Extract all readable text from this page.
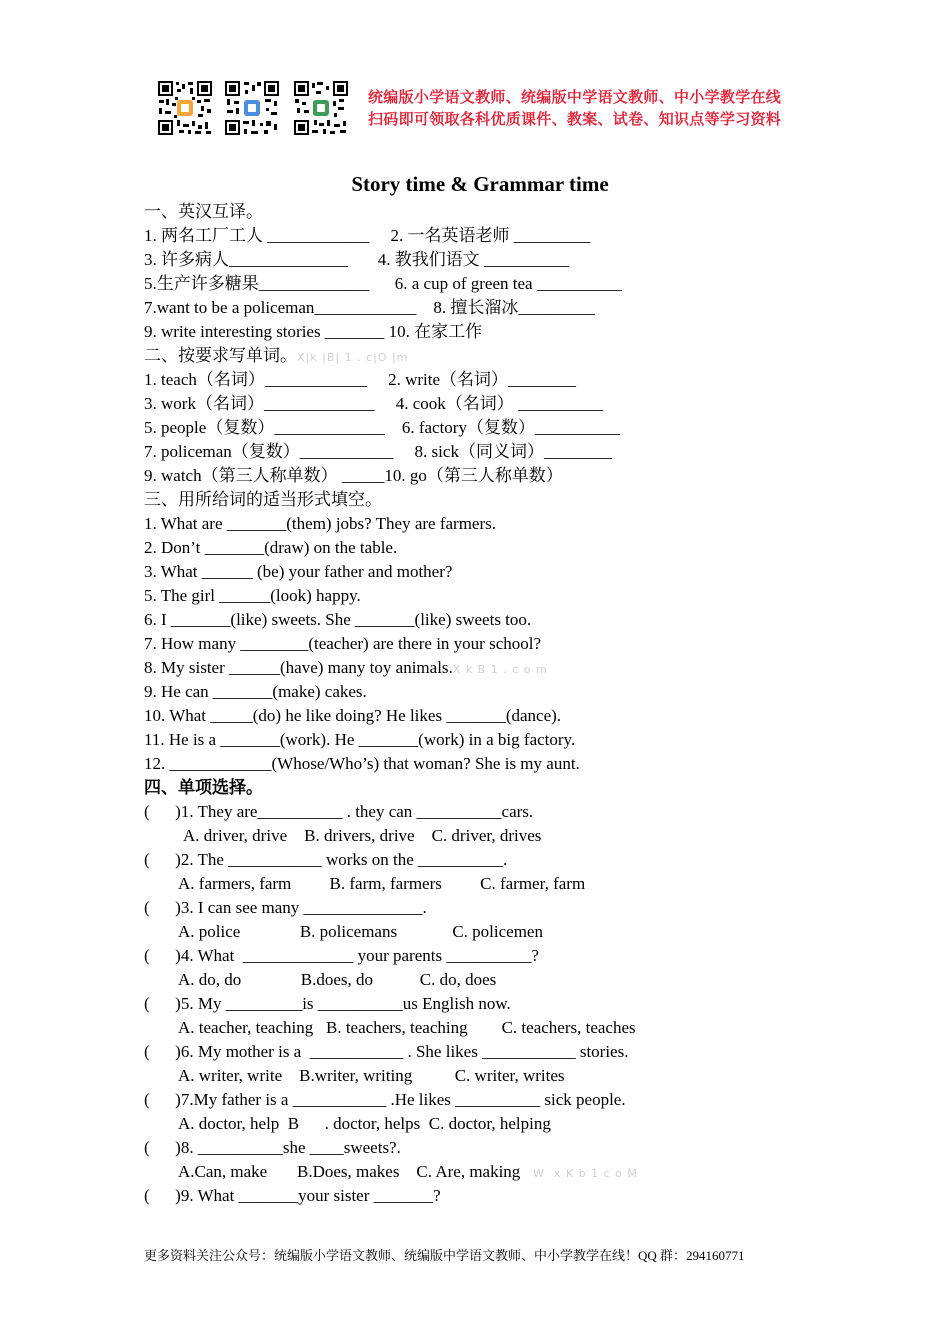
统编版小学语文教师、统编版中学语文教师、中小学教学在线
扫码即可领取各科优质课件、教案、试卷、知识点等学习资料
Story time & Grammar time
一、英汉互译。
1. 两名工厂工人 ____________     2. 一名英语老师 _________
3. 许多病人______________       4. 教我们语文 __________
5.生产许多糖果_____________      6. a cup of green tea __________
7.want to be a policeman____________    8. 擅长溜冰_________
9. write interesting stories _______ 10. 在家工作
二、按要求写单词。X|k |B| 1 . c|O |m
1. teach（名词）____________     2. write（名词）________
3. work（名词）_____________     4. cook（名词） __________
5. people（复数）_____________    6. factory（复数）__________
7. policeman（复数）___________     8. sick（同义词）________
9. watch（第三人称单数） _____10. go（第三人称单数）
三、用所给词的适当形式填空。
1. What are _______(them) jobs? They are farmers.
2. Don’t _______(draw) on the table.
3. What ______ (be) your father and mother?
5. The girl ______(look) happy.
6. I _______(like) sweets. She _______(like) sweets too.
7. How many ________(teacher) are there in your school?
8. My sister ______(have) many toy animals.X k B 1 . c o m
9. He can _______(make) cakes.
10. What _____(do) he like doing? He likes _______(dance).
11. He is a _______(work). He _______(work) in a big factory.
12. ____________(Whose/Who’s) that woman? She is my aunt.
四、单项选择。
(      )1. They are__________ . they can __________cars.
A. driver, drive    B. drivers, drive    C. driver, drives
(      )2. The ___________ works on the __________.
A. farmers, farm         B. farm, farmers         C. farmer, farm
(      )3. I can see many ______________.
A. police              B. policemans             C. policemen
(      )4. What  _____________ your parents __________?
A. do, do              B.does, do           C. do, does
(      )5. My _________is __________us English now.
A. teacher, teaching   B. teachers, teaching        C. teachers, teaches
(      )6. My mother is a  ___________ . She likes ___________ stories.
A. writer, write    B.writer, writing          C. writer, writes
(      )7.My father is a ___________ .He likes __________ sick people.
A. doctor, help  B      . doctor, helps  C. doctor, helping
(      )8. __________she ____sweets?.
A.Can, make       B.Does, makes    C. Are, making W  x K b 1 c o M
(      )9. What _______your sister _______?
更多资料关注公众号：统编版小学语文教师、统编版中学语文教师、中小学教学在线！QQ 群：294160771
